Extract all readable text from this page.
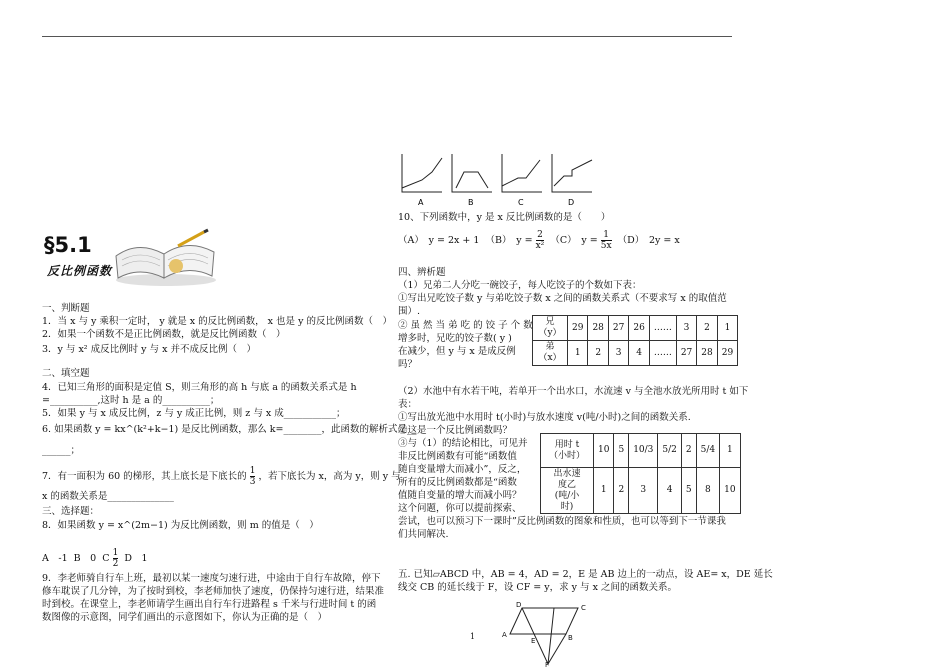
§5.1
反比例函数
一、判断题
1．当 x 与 y 乘积一定时， y 就是 x 的反比例函数， x 也是 y 的反比例函数（　）
2．如果一个函数不是正比例函数，就是反比例函数（　）
3．y 与 x² 成反比例时 y 与 x 并不成反比例（　）
二、填空题
4．已知三角形的面积是定值 S，则三角形的高 h 与底 a 的函数关系式是 h
=__________,这时 h 是 a 的__________；
5．如果 y 与 x 成反比例，z 与 y 成正比例，则 z 与 x 成___________；
6. 如果函数 y = kx^(k²+k−1) 是反比例函数，那么 k=________，此函数的解析式是__
______；
7．有一面积为 60 的梯形，其上底长是下底长的 $\frac{1}{3}$ ，若下底长为 x，高为 y，则 y 与
x 的函数关系是______________
三、选择题：
8．如果函数 y = x^(2m−1) 为反比例函数，则 m 的值是（　）
A　-1 B　0 C $\frac{1}{2}$ D　1
9．李老师骑自行车上班，最初以某一速度匀速行进，中途由于自行车故障，停下
修车耽误了几分钟，为了按时到校，李老师加快了速度，仍保持匀速行进，结果准
时到校。在课堂上，李老师请学生画出自行车行进路程 s 千米与行进时间 t 的函
数图像的示意图，同学们画出的示意图如下，你认为正确的是（　）
A	B	C	D
10、下列函数中，y 是 x 反比例函数的是（　　）
（A）　y = 2x + 1 （B）　$y = \frac{2}{\text{x²}} (C)$　$y = \frac{1}{5x} (D)$　2y = x
四、辨析题
（1）兄弟二人分吃一碗饺子，每人吃饺子的个数如下表：
①写出兄吃饺子数 y 与弟吃饺子数 x 之间的函数关系式（不要求写 x 的取值范
围）.
② 虽 然 当 弟 吃 的 饺 子 个 数
增多时，兄吃的饺子数( y )
在减少，但 y 与 x 是成反例
吗？
兄
（y）	29	28	27	26	……	3	2	1
弟
（x）	1	2	3	4	……	27	28	29
（2）水池中有水若干吨，若单开一个出水口，水流速 v 与全池水放光所用时 t 如下
表：
①写出放光池中水用时 t(小时)与放水速度 v(吨/小时)之间的函数关系.
②这是一个反比例函数吗？
③与（1）的结论相比，可见并
非反比例函数有可能“函数值
随自变量增大而减小”，反之，
所有的反比例函数都是“函数
值随自变量的增大而减小吗？
这个问题，你可以提前探索、
尝试，也可以预习下一课时”反比例函数的图象和性质，也可以等到下一节课我
们共同解决.
用时 t
（小时）	10	5	10/3	5/2	2	5/4	1
出水速
度乙
(吨/小
时)	1	2	3	4	5	8	10
五. 已知▱ABCD 中，AB = 4，AD = 2，E 是 AB 边上的一动点，设 AE= x，DE 延长
线交 CB 的延长线于 F，设 CF = y，求 y 与 x 之间的函数关系。
D	C
A
E	B
F
1
